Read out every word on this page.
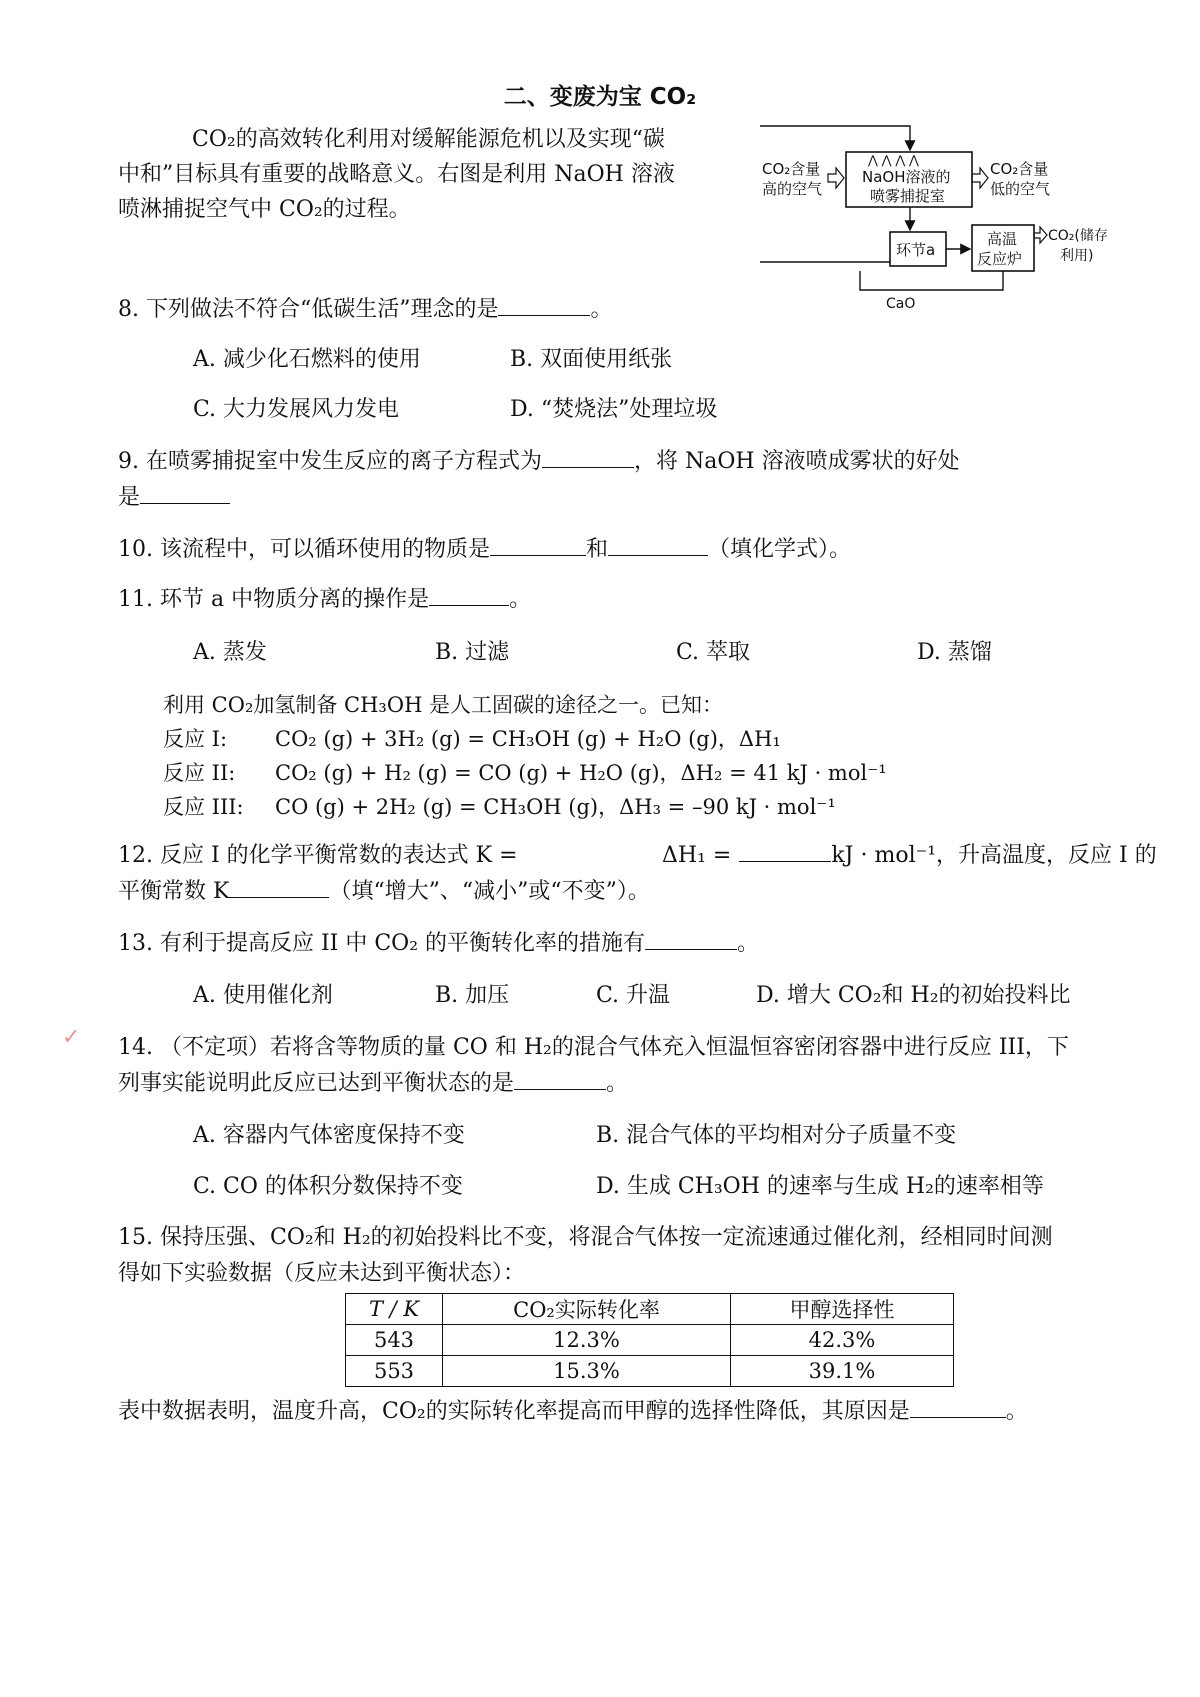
二、变废为宝 CO₂

CO₂的高效转化利用对缓解能源危机以及实现“碳

中和”目标具有重要的战略意义。右图是利用 NaOH 溶液

喷淋捕捉空气中 CO₂的过程。

CO₂含量
高的空气
⋀ ⋀ ⋀ ⋀
NaOH溶液的
喷雾捕捉室
CO₂含量
低的空气
环节a
高温
反应炉
CO₂(储存
利用)
CaO
8. 下列做法不符合“低碳生活”理念的是	。
A. 减少化石燃料的使用	B. 双面使用纸张
C. 大力发展风力发电	D. “焚烧法”处理垃圾
9. 在喷雾捕捉室中发生反应的离子方程式为	，将 NaOH 溶液喷成雾状的好处
是
10. 该流程中，可以循环使用的物质是	和	（填化学式）。
11. 环节 a 中物质分离的操作是	。
A. 蒸发	B. 过滤	C. 萃取	D. 蒸馏
利用 CO₂加氢制备 CH₃OH 是人工固碳的途径之一。已知：
反应 I: CO₂ (g) + 3H₂ (g) = CH₃OH (g) + H₂O (g)，ΔH₁
反应 II: CO₂ (g) + H₂ (g) = CO (g) + H₂O (g)，ΔH₂ = 41 kJ · mol⁻¹
反应 III: CO (g) + 2H₂ (g) = CH₃OH (g)，ΔH₃ = –90 kJ · mol⁻¹
12. 反应 I 的化学平衡常数的表达式 K =	ΔH₁ =	kJ · mol⁻¹，升高温度，反应 I 的
平衡常数 K	（填“增大”、“减小”或“不变”）。
13. 有利于提高反应 II 中 CO₂ 的平衡转化率的措施有	。
A. 使用催化剂	B. 加压	C. 升温	D. 增大 CO₂和 H₂的初始投料比
14. （不定项）若将含等物质的量 CO 和 H₂的混合气体充入恒温恒容密闭容器中进行反应 III，下
列事实能说明此反应已达到平衡状态的是	。
A. 容器内气体密度保持不变	B. 混合气体的平均相对分子质量不变
C. CO 的体积分数保持不变	D. 生成 CH₃OH 的速率与生成 H₂的速率相等
15. 保持压强、CO₂和 H₂的初始投料比不变，将混合气体按一定流速通过催化剂，经相同时间测
得如下实验数据（反应未达到平衡状态）：
T / K	CO₂实际转化率	甲醇选择性
543	12.3%	42.3%
553	15.3%	39.1%
表中数据表明，温度升高，CO₂的实际转化率提高而甲醇的选择性降低，其原因是	。
✓
